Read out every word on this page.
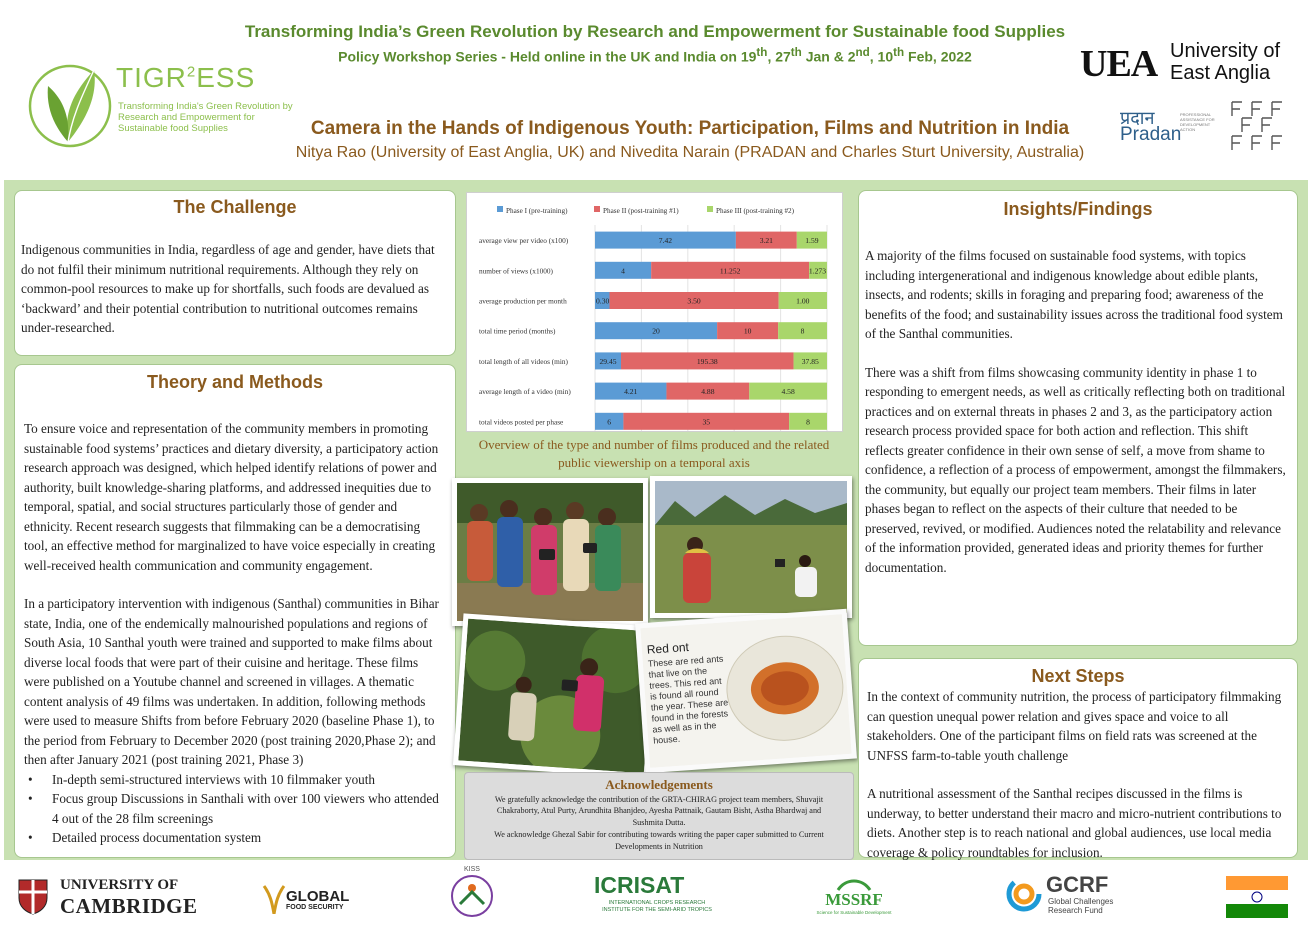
Transforming India’s Green Revolution by Research and Empowerment for Sustainable food Supplies
Policy Workshop Series - Held online in the UK and India on 19th, 27th Jan & 2nd, 10th Feb, 2022
TIGR$^2$ESS
Transforming India's Green Revolution by Research and Empowerment for Sustainable food Supplies
UEA University of
East Anglia
Camera in the Hands of Indigenous Youth: Participation, Films and Nutrition in India
Nitya Rao (University of East Anglia, UK) and Nivedita Narain (PRADAN and Charles Sturt University, Australia)
प्रदान
Pradan
PROFESSIONAL ASSISTANCE FOR DEVELOPMENT ACTION
The Challenge
Indigenous communities in India, regardless of age and gender, have diets that do not fulfil their minimum nutritional requirements. Although they rely on common-pool resources to make up for shortfalls, such foods are devalued as ‘backward’ and their potential contribution to nutritional outcomes remains under-researched.
Theory and Methods

To ensure voice and representation of the community members in promoting sustainable food systems’ practices and dietary diversity, a participatory action research approach was designed, which helped identify relations of power and authority, built knowledge-sharing platforms, and addressed inequities due to temporal, spatial, and social structures particularly those of gender and ethnicity. Recent research suggests that filmmaking can be a democratising tool, an effective method for marginalized to have voice especially in creating well-received health communication and community engagement.

In a participatory intervention with indigenous (Santhal) communities in Bihar state, India, one of the endemically malnourished populations and regions of South Asia, 10 Santhal youth were trained and supported to make films about diverse local foods that were part of their cuisine and heritage. These films were published on a Youtube channel and screened in villages. A thematic content analysis of 49 films was undertaken. In addition, following methods were used to measure Shifts from before February 2020 (baseline Phase 1), to the period from February to December 2020 (post training 2020,Phase 2); and then after January 2021 (post training 2021, Phase 3)

• In-depth semi-structured interviews with 10 filmmaker youth
• Focus group Discussions in Santhali with over 100 viewers who attended 4 out of the 28 film screenings
• Detailed process documentation system
Phase I (pre-training)	Phase II (post-training #1)	Phase III (post-training #2)
average view per video (x100)	7.42	3.21	1.59
number of views (x1000)	4	11.252	1.273
average production per month	0.30	3.50	1.00
total time period (months)	20	10	8
total length of all videos (min)	29.45	195.38	37.85
average length of a video (min)	4.21	4.88	4.58
total videos posted per phase	6	35	8
Overview of the type and number of films produced and the related public viewership on a temporal axis
Red ont
These are red ants that live on the trees. This red ant is found all round the year. These are found in the forests as well as in the house.
Acknowledgements
We gratefully acknowledge the contribution of the GRTA-CHIRAG project team members, Shuvajit Chakraborty, Atul Purty, Arundhita Bhanjdeo, Ayesha Pattnaik, Gautam Bisht, Astha Bhardwaj and Sushmita Dutta.
We acknowledge Ghezal Sabir for contributing towards writing the paper caper submitted to Current Developments in Nutrition
Insights/Findings

A majority of the films focused on sustainable food systems, with topics including intergenerational and indigenous knowledge about edible plants, insects, and rodents; skills in foraging and preparing food; awareness of the benefits of the food; and sustainability issues across the traditional food system of the Santhal communities.

There was a shift from films showcasing community identity in phase 1 to responding to emergent needs, as well as critically reflecting both on traditional practices and on external threats in phases 2 and 3, as the participatory action research process provided space for both action and reflection. This shift reflects greater confidence in their own sense of self, a move from shame to confidence, a reflection of a process of empowerment, amongst the filmmakers, the community, but equally our project team members. Their films in later phases began to reflect on the aspects of their culture that needed to be preserved, revived, or modified. Audiences noted the relatability and relevance of the information provided, generated ideas and priority themes for further documentation.

Next Steps

In the context of community nutrition, the process of participatory filmmaking can question unequal power relation and gives space and voice to all stakeholders. One of the participant films on field rats was screened at the UNFSS farm-to-table youth challenge

A nutritional assessment of the Santhal recipes discussed in the films is underway, to better understand their macro and micro-nutrient contributions to diets. Another step is to reach national and global audiences, use local media coverage & policy roundtables for inclusion.

UNIVERSITY OF
CAMBRIDGE	GLOBAL
FOOD SECURITY
KISS
ICRISAT
INTERNATIONAL CROPS RESEARCH
INSTITUTE FOR THE SEMI-ARID TROPICS
MSSRF
Science for Sustainable Development
GCRF
Global Challenges
Research Fund
